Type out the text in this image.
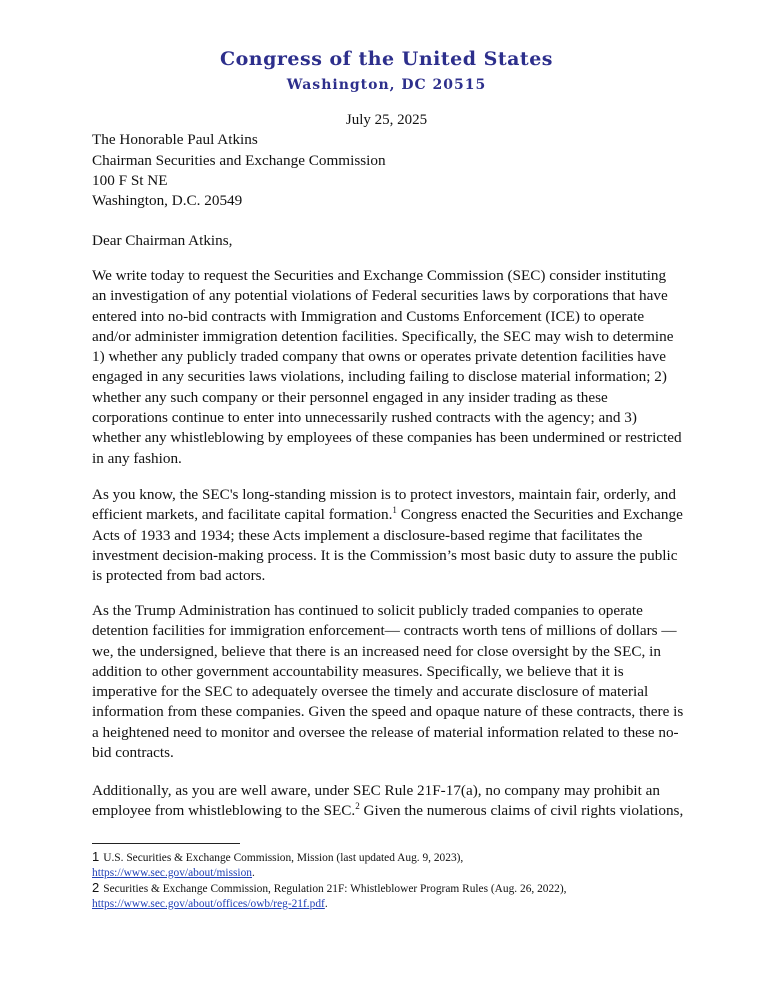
Congress of the United States
Washington, DC 20515
July 25, 2025
The Honorable Paul Atkins
Chairman Securities and Exchange Commission
100 F St NE
Washington, D.C. 20549
Dear Chairman Atkins,
We write today to request the Securities and Exchange Commission (SEC) consider instituting
an investigation of any potential violations of Federal securities laws by corporations that have
entered into no-bid contracts with Immigration and Customs Enforcement (ICE) to operate
and/or administer immigration detention facilities. Specifically, the SEC may wish to determine
1) whether any publicly traded company that owns or operates private detention facilities have
engaged in any securities laws violations, including failing to disclose material information; 2)
whether any such company or their personnel engaged in any insider trading as these
corporations continue to enter into unnecessarily rushed contracts with the agency; and 3)
whether any whistleblowing by employees of these companies has been undermined or restricted
in any fashion.
As you know, the SEC's long-standing mission is to protect investors, maintain fair, orderly, and
efficient markets, and facilitate capital formation.$^1$ Congress enacted the Securities and Exchange
Acts of 1933 and 1934; these Acts implement a disclosure-based regime that facilitates the
investment decision-making process. It is the Commission’s most basic duty to assure the public
is protected from bad actors.
As the Trump Administration has continued to solicit publicly traded companies to operate
detention facilities for immigration enforcement— contracts worth tens of millions of dollars —
we, the undersigned, believe that there is an increased need for close oversight by the SEC, in
addition to other government accountability measures. Specifically, we believe that it is
imperative for the SEC to adequately oversee the timely and accurate disclosure of material
information from these companies. Given the speed and opaque nature of these contracts, there is
a heightened need to monitor and oversee the release of material information related to these no-
bid contracts.
Additionally, as you are well aware, under SEC Rule 21F-17(a), no company may prohibit an
employee from whistleblowing to the SEC.$^2$ Given the numerous claims of civil rights violations,
1 U.S. Securities & Exchange Commission, Mission (last updated Aug. 9, 2023),
https://www.sec.gov/about/mission.
2 Securities & Exchange Commission, Regulation 21F: Whistleblower Program Rules (Aug. 26, 2022),
https://www.sec.gov/about/offices/owb/reg-21f.pdf.
